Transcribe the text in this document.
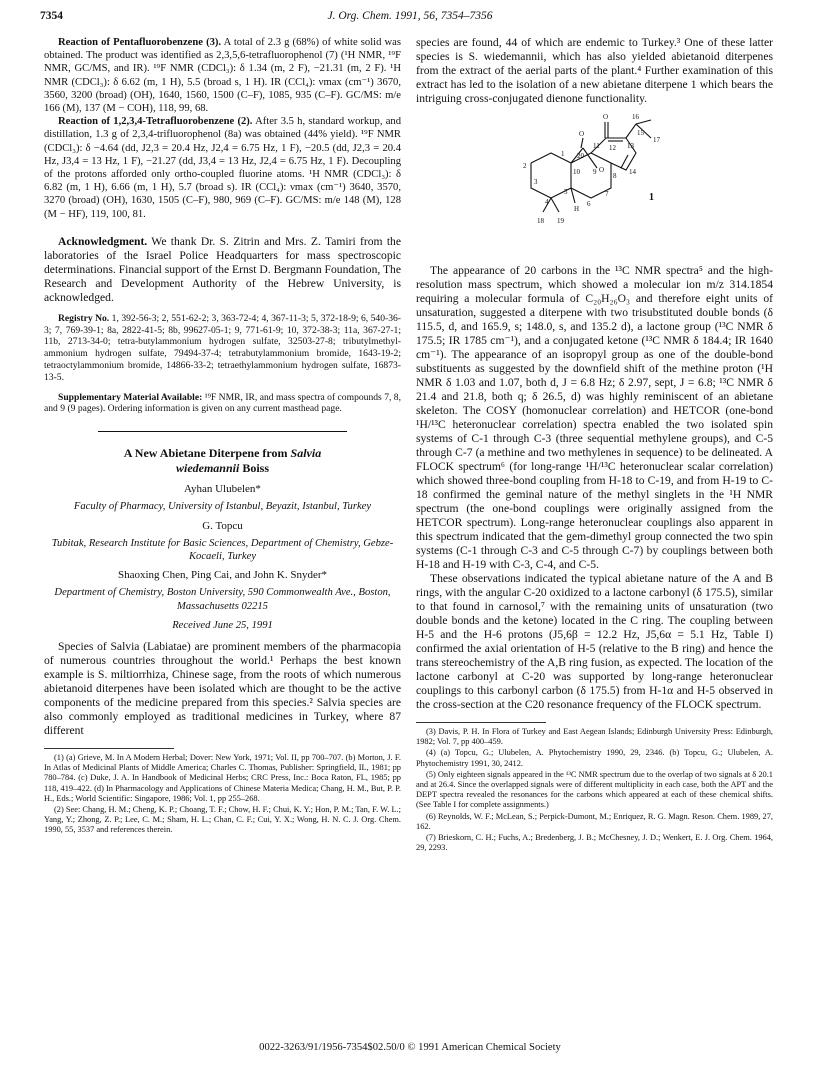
7354	J. Org. Chem. 1991, 56, 7354–7356

Reaction of Pentafluorobenzene (3). A total of 2.3 g (68%) of white solid was obtained. The product was identified as 2,3,5,6-tetrafluorophenol (7) (¹H NMR, ¹⁹F NMR, GC/MS, and IR). ¹⁹F NMR (CDCl₃): δ 1.34 (m, 2 F), −21.31 (m, 2 F). ¹H NMR (CDCl₃): δ 6.62 (m, 1 H), 5.5 (broad s, 1 H). IR (CCl₄): νmax (cm⁻¹) 3670, 3560, 3200 (broad) (OH), 1640, 1560, 1500 (C–F), 1085, 935 (C–F). GC/MS: m/e 166 (M), 137 (M − COH), 118, 99, 68.

Reaction of 1,2,3,4-Tetrafluorobenzene (2). After 3.5 h, standard workup, and distillation, 1.3 g of 2,3,4-trifluorophenol (8a) was obtained (44% yield). ¹⁹F NMR (CDCl₃): δ −4.64 (dd, J2,3 = 20.4 Hz, J2,4 = 6.75 Hz, 1 F), −20.5 (dd, J2,3 = 20.4 Hz, J3,4 = 13 Hz, 1 F), −21.27 (dd, J3,4 = 13 Hz, J2,4 = 6.75 Hz, 1 F). Decoupling of the protons afforded only ortho-coupled fluorine atoms. ¹H NMR (CDCl₃): δ 6.82 (m, 1 H), 6.66 (m, 1 H), 5.7 (broad s). IR (CCl₄): νmax (cm⁻¹) 3640, 3570, 3270 (broad) (OH), 1630, 1505 (C–F), 980, 969 (C–F). GC/MS: m/e 148 (M), 128 (M − HF), 119, 100, 81.

Acknowledgment. We thank Dr. S. Zitrin and Mrs. Z. Tamiri from the laboratories of the Israel Police Headquarters for mass spectroscopic determinations. Financial support of the Ernst D. Bergmann Foundation, The Research and Development Authority of the Hebrew University, is acknowledged.

Registry No. 1, 392-56-3; 2, 551-62-2; 3, 363-72-4; 4, 367-11-3; 5, 372-18-9; 6, 540-36-3; 7, 769-39-1; 8a, 2822-41-5; 8b, 99627-05-1; 9, 771-61-9; 10, 372-38-3; 11a, 367-27-1; 11b, 2713-34-0; tetra-butylammonium hydrogen sulfate, 32503-27-8; tributylmethyl-ammonium hydrogen sulfate, 79494-37-4; tetrabutylammonium bromide, 1643-19-2; tetraoctylammonium bromide, 14866-33-2; tetraethylammonium hydrogen sulfate, 16873-13-5.

Supplementary Material Available: ¹⁹F NMR, IR, and mass spectra of compounds 7, 8, and 9 (9 pages). Ordering information is given on any current masthead page.

A New Abietane Diterpene from Salvia
wiedemannii Boiss
Ayhan Ulubelen*
Faculty of Pharmacy, University of Istanbul, Beyazit, Istanbul, Turkey
G. Topcu
Tubitak, Research Institute for Basic Sciences, Department of Chemistry, Gebze-Kocaeli, Turkey
Shaoxing Chen, Ping Cai, and John K. Snyder*
Department of Chemistry, Boston University, 590 Commonwealth Ave., Boston, Massachusetts 02215
Received June 25, 1991

Species of Salvia (Labiatae) are prominent members of the pharmacopia of numerous countries throughout the world.¹ Perhaps the best known example is S. miltiorrhiza, Chinese sage, from the roots of which numerous abietanoid diterpenes have been isolated which are thought to be the active components of the medicine prepared from this species.² Salvia species are also commonly employed as traditional medicines in Turkey, where 87 different

(1) (a) Grieve, M. In A Modern Herbal; Dover: New York, 1971; Vol. II, pp 700–707. (b) Morton, J. F. In Atlas of Medicinal Plants of Middle America; Charles C. Thomas, Publisher: Springfield, IL, 1981; pp 780–784. (c) Duke, J. A. In Handbook of Medicinal Herbs; CRC Press, Inc.: Boca Raton, FL, 1985; pp 118, 419–422. (d) In Pharmacology and Applications of Chinese Materia Medica; Chang, H. M., But, P. P. H., Eds.; World Scientific: Singapore, 1986; Vol. 1, pp 255–268.

(2) See: Chang, H. M.; Cheng, K. P.; Choang, T. F.; Chow, H. F.; Chui, K. Y.; Hon, P. M.; Tan, F. W. L.; Yang, Y.; Zhong, Z. P.; Lee, C. M.; Sham, H. L.; Chan, C. F.; Cui, Y. X.; Wong, H. N. C. J. Org. Chem. 1990, 55, 3537 and references therein.

species are found, 44 of which are endemic to Turkey.³ One of these latter species is S. wiedemannii, which has also yielded abietanoid diterpenes from the extract of the aerial parts of the plant.⁴ Further examination of this extract has led to the isolation of a new abietane diterpene 1 which bears the intriguing cross-conjugated dienone functionality.

16
15
17
O
11 12 13
14
20
1
2
10 9 8
3
5	7
4	6
H
18 19
O
O
1

The appearance of 20 carbons in the ¹³C NMR spectra⁵ and the high-resolution mass spectrum, which showed a molecular ion m/z 314.1854 requiring a molecular formula of C₂₀H₂₆O₃ and therefore eight units of unsaturation, suggested a diterpene with two trisubstituted double bonds (δ 115.5, d, and 165.9, s; 148.0, s, and 135.2 d), a lactone group (¹³C NMR δ 175.5; IR 1785 cm⁻¹), and a conjugated ketone (¹³C NMR δ 184.4; IR 1640 cm⁻¹). The appearance of an isopropyl group as one of the double-bond substituents as suggested by the downfield shift of the methine proton (¹H NMR δ 1.03 and 1.07, both d, J = 6.8 Hz; δ 2.97, sept, J = 6.8; ¹³C NMR δ 21.4 and 21.8, both q; δ 26.5, d) was highly reminiscent of an abietane skeleton. The COSY (homonuclear correlation) and HETCOR (one-bond ¹H/¹³C heteronuclear correlation) spectra enabled the two isolated spin systems of C-1 through C-3 (three sequential methylene groups), and C-5 through C-7 (a methine and two methylenes in sequence) to be delineated. A FLOCK spectrum⁶ (for long-range ¹H/¹³C heteronuclear scalar correlation) which showed three-bond coupling from H-18 to C-19, and from H-19 to C-18 confirmed the geminal nature of the methyl singlets in the ¹H NMR spectrum (the one-bond couplings were originally assigned from the HETCOR spectrum). Long-range heteronuclear couplings also apparent in this spectrum indicated that the gem-dimethyl group connected the two spin systems (C-1 through C-3 and C-5 through C-7) by couplings between both H-18 and H-19 with C-3, C-4, and C-5.

These observations indicated the typical abietane nature of the A and B rings, with the angular C-20 oxidized to a lactone carbonyl (δ 175.5), similar to that found in carnosol,⁷ with the remaining units of unsaturation (two double bonds and the ketone) located in the C ring. The coupling between H-5 and the H-6 protons (J5,6β = 12.2 Hz, J5,6α = 5.1 Hz, Table I) confirmed the axial orientation of H-5 (relative to the B ring) and hence the trans stereochemistry of the A,B ring fusion, as expected. The location of the lactone carbonyl at C-20 was supported by long-range heteronuclear couplings to this carbonyl carbon (δ 175.5) from H-1α and H-5 observed in the cross-section at the C20 resonance frequency of the FLOCK spectrum.

(3) Davis, P. H. In Flora of Turkey and East Aegean Islands; Edinburgh University Press: Edinburgh, 1982; Vol. 7, pp 400–459.

(4) (a) Topcu, G.; Ulubelen, A. Phytochemistry 1990, 29, 2346. (b) Topcu, G.; Ulubelen, A. Phytochemistry 1991, 30, 2412.

(5) Only eighteen signals appeared in the ¹³C NMR spectrum due to the overlap of two signals at δ 20.1 and at 26.4. Since the overlapped signals were of different multiplicity in each case, both the APT and the DEPT spectra revealed the resonances for the carbons which appeared at each of these chemical shifts. (See Table I for complete assignments.)

(6) Reynolds, W. F.; McLean, S.; Perpick-Dumont, M.; Enriquez, R. G. Magn. Reson. Chem. 1989, 27, 162.

(7) Brieskorn, C. H.; Fuchs, A.; Bredenberg, J. B.; McChesney, J. D.; Wenkert, E. J. Org. Chem. 1964, 29, 2293.

0022-3263/91/1956-7354$02.50/0 © 1991 American Chemical Society
